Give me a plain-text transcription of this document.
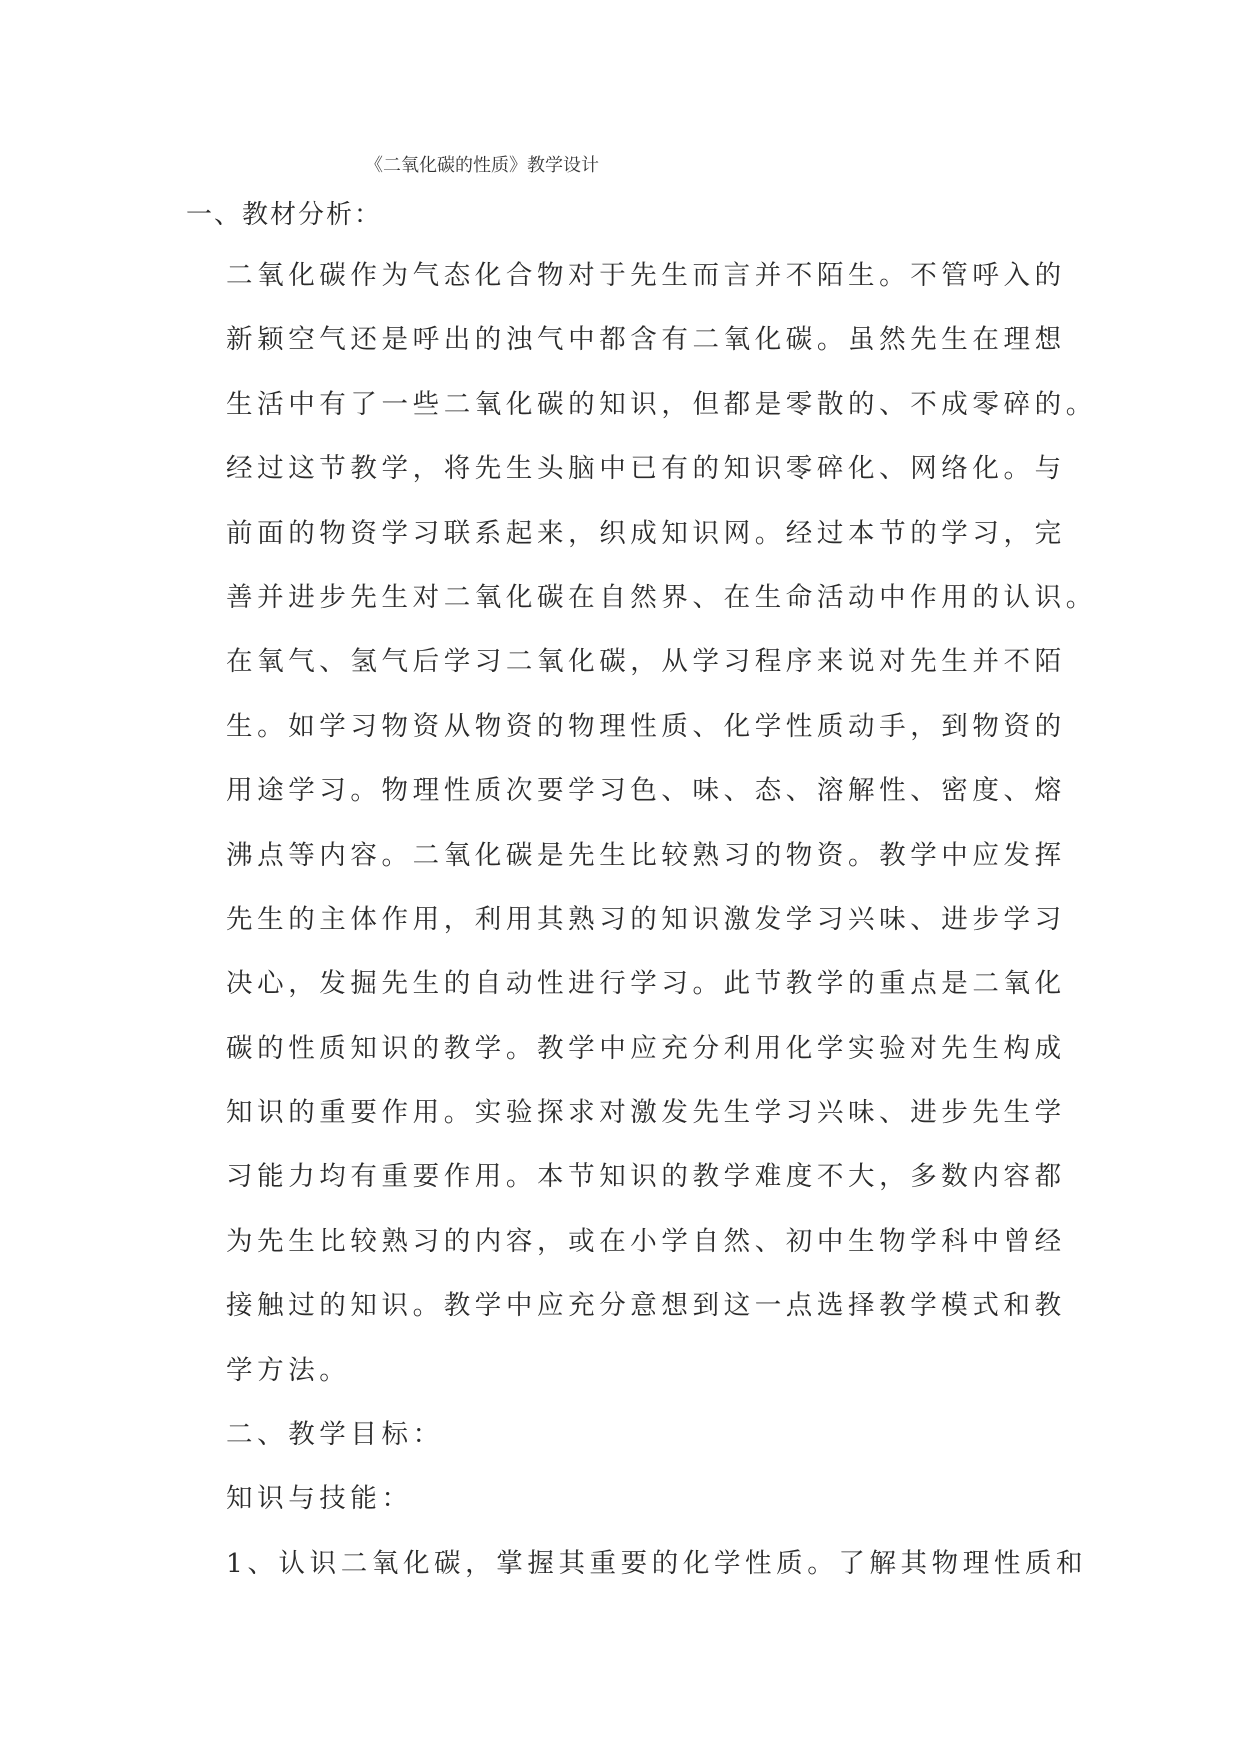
《二氧化碳的性质》教学设计
一、教材分析：
二氧化碳作为气态化合物对于先生而言并不陌生。不管呼入的
新颖空气还是呼出的浊气中都含有二氧化碳。虽然先生在理想
生活中有了一些二氧化碳的知识，但都是零散的、不成零碎的。
经过这节教学，将先生头脑中已有的知识零碎化、网络化。与
前面的物资学习联系起来，织成知识网。经过本节的学习，完
善并进步先生对二氧化碳在自然界、在生命活动中作用的认识。
在氧气、氢气后学习二氧化碳，从学习程序来说对先生并不陌
生。如学习物资从物资的物理性质、化学性质动手，到物资的
用途学习。物理性质次要学习色、味、态、溶解性、密度、熔
沸点等内容。二氧化碳是先生比较熟习的物资。教学中应发挥
先生的主体作用，利用其熟习的知识激发学习兴味、进步学习
决心，发掘先生的自动性进行学习。此节教学的重点是二氧化
碳的性质知识的教学。教学中应充分利用化学实验对先生构成
知识的重要作用。实验探求对激发先生学习兴味、进步先生学
习能力均有重要作用。本节知识的教学难度不大，多数内容都
为先生比较熟习的内容，或在小学自然、初中生物学科中曾经
接触过的知识。教学中应充分意想到这一点选择教学模式和教
学方法。
二、教学目标：
知识与技能：
1、认识二氧化碳，掌握其重要的化学性质。了解其物理性质和
